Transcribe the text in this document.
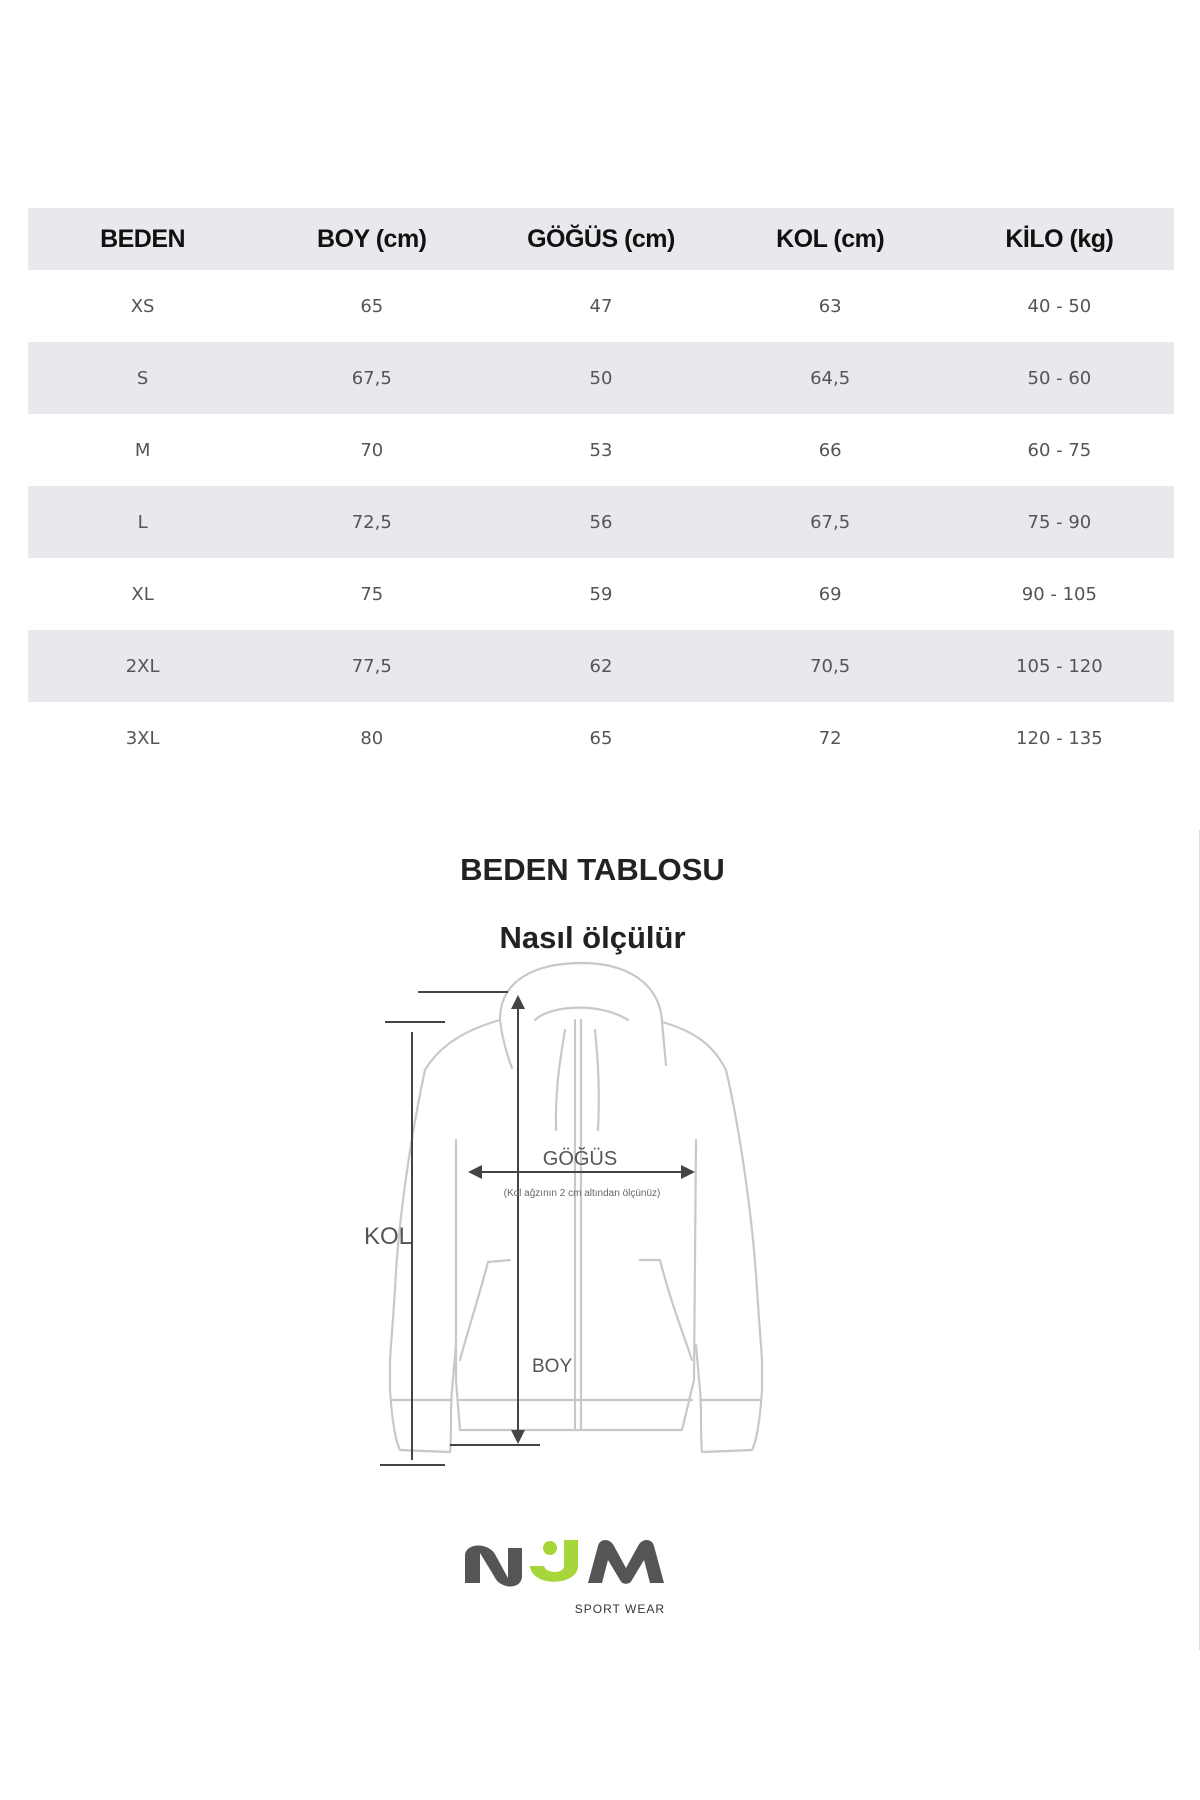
BEDEN	BOY (cm)	GÖĞÜS (cm)	KOL (cm)	KİLO (kg)
XS	65	47	63	40 - 50
S	67,5	50	64,5	50 - 60
M	70	53	66	60 - 75
L	72,5	56	67,5	75 - 90
XL	75	59	69	90 - 105
2XL	77,5	62	70,5	105 - 120
3XL	80	65	72	120 - 135
BEDEN TABLOSU
Nasıl ölçülür
GÖĞÜS
(Kol ağzının 2 cm altından ölçünüz)
KOL
BOY
SPORT WEAR
